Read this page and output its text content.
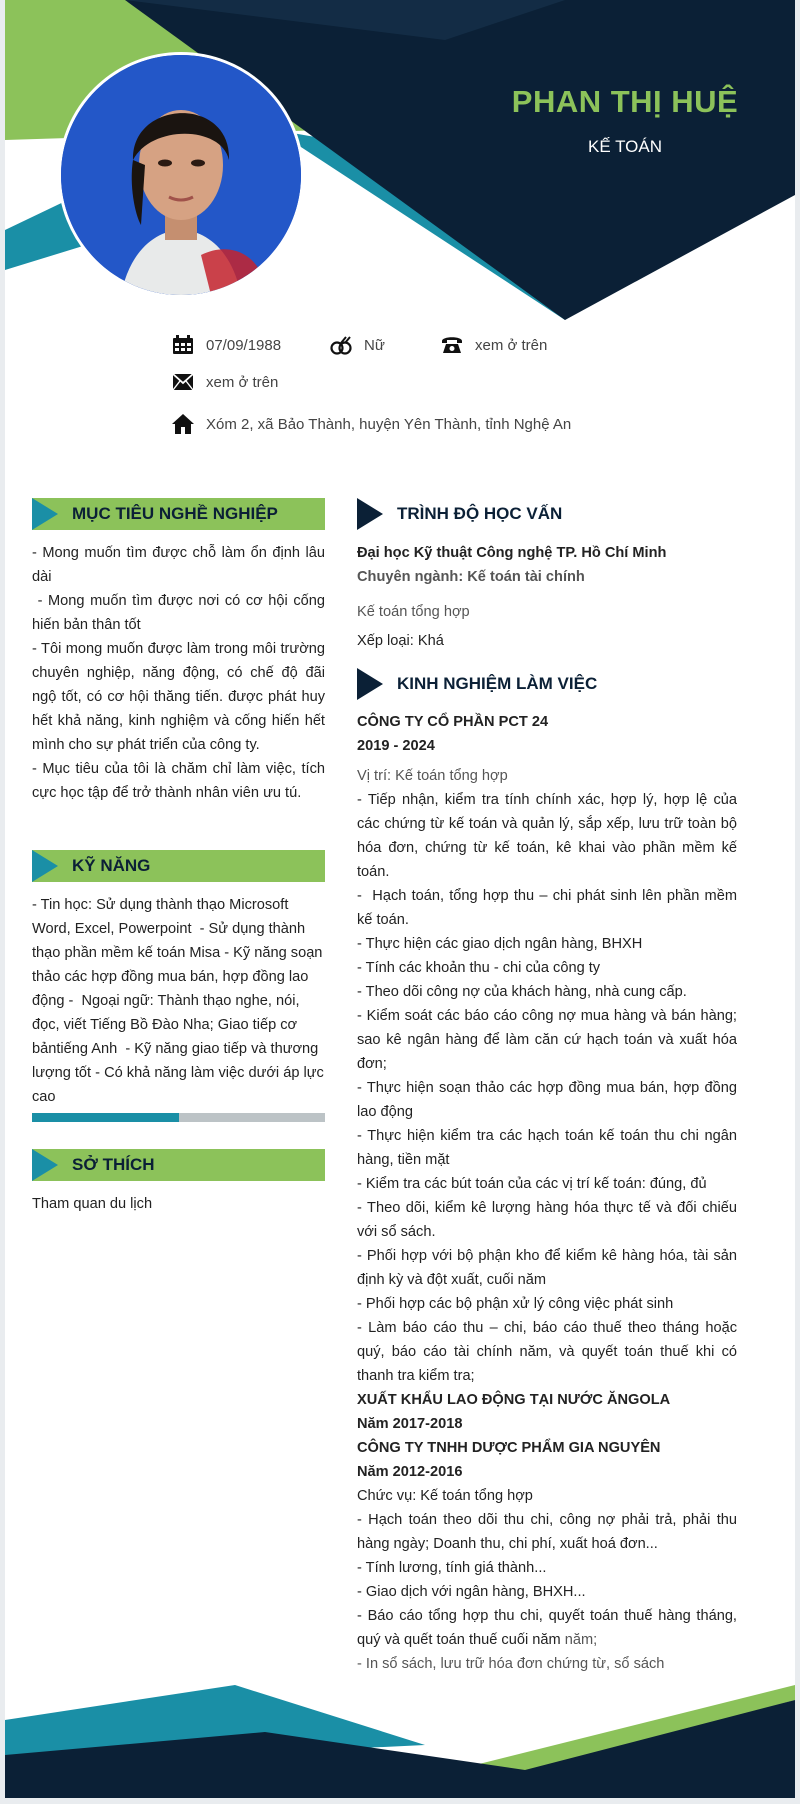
PHAN THỊ HUỆ
KẾ TOÁN
07/09/1988	Nữ	xem ở trên
xem ở trên
Xóm 2, xã Bảo Thành, huyện Yên Thành, tỉnh Nghệ An
MỤC TIÊU NGHỀ NGHIỆP
- Mong muốn tìm được chỗ làm ổn định lâu dài
- Mong muốn tìm được nơi có cơ hội cống hiến bản thân tốt
- Tôi mong muốn được làm trong môi trường chuyên nghiệp, năng động, có chế độ đãi ngộ tốt, có cơ hội thăng tiến. được phát huy hết khả năng, kinh nghiệm và cống hiến hết mình cho sự phát triển của công ty.
- Mục tiêu của tôi là chăm chỉ làm việc, tích cực học tập để trở thành nhân viên ưu tú.
KỸ NĂNG
- Tin học: Sử dụng thành thạo Microsoft Word, Excel, Powerpoint  - Sử dụng thành thạo phần mềm kế toán Misa - Kỹ năng soạn thảo các hợp đồng mua bán, hợp đồng lao động -  Ngoại ngữ: Thành thạo nghe, nói, đọc, viết Tiếng Bồ Đào Nha; Giao tiếp cơ bảntiếng Anh  - Kỹ năng giao tiếp và thương lượng tốt - Có khả năng làm việc dưới áp lực cao
SỞ THÍCH
Tham quan du lịch
TRÌNH ĐỘ HỌC VẤN
Đại học Kỹ thuật Công nghệ TP. Hồ Chí Minh
Chuyên ngành: Kế toán tài chính
Kế toán tổng hợp
Xếp loại: Khá
KINH NGHIỆM LÀM VIỆC
CÔNG TY CỔ PHẦN PCT 24
2019 - 2024
Vị trí: Kế toán tổng hợp
- Tiếp nhận, kiểm tra tính chính xác, hợp lý, hợp lệ của các chứng từ kế toán và quản lý, sắp xếp, lưu trữ toàn bộ hóa đơn, chứng từ kế toán, kê khai vào phần mềm kế toán.
-  Hạch toán, tổng hợp thu – chi phát sinh lên phần mềm kế toán.
- Thực hiện các giao dịch ngân hàng, BHXH
- Tính các khoản thu - chi của công ty
- Theo dõi công nợ của khách hàng, nhà cung cấp.
- Kiểm soát các báo cáo công nợ mua hàng và bán hàng; sao kê ngân hàng để làm căn cứ hạch toán và xuất hóa đơn;
- Thực hiện soạn thảo các hợp đồng mua bán, hợp đồng lao động
- Thực hiện kiểm tra các hạch toán kế toán thu chi ngân hàng, tiền mặt
- Kiểm tra các bút toán của các vị trí kế toán: đúng, đủ
- Theo dõi, kiểm kê lượng hàng hóa thực tế và đối chiếu với sổ sách.
- Phối hợp với bộ phận kho để kiểm kê hàng hóa, tài sản định kỳ và đột xuất, cuối năm
- Phối hợp các bộ phận xử lý công việc phát sinh
- Làm báo cáo thu – chi, báo cáo thuế theo tháng hoặc quý, báo cáo tài chính năm, và quyết toán thuế khi có thanh tra kiểm tra;
XUẤT KHẨU LAO ĐỘNG TẠI NƯỚC ĂNGOLA
Năm 2017-2018
CÔNG TY TNHH DƯỢC PHẨM GIA NGUYÊN
Năm 2012-2016
Chức vụ: Kế toán tổng hợp
- Hạch toán theo dõi thu chi, công nợ phải trả, phải thu hàng ngày; Doanh thu, chi phí, xuất hoá đơn...
- Tính lương, tính giá thành...
- Giao dịch với ngân hàng, BHXH...
- Báo cáo tổng hợp thu chi, quyết toán thuế hàng tháng, quý và quết toán thuế cuối năm năm;
- In sổ sách, lưu trữ hóa đơn chứng từ, sổ sách
